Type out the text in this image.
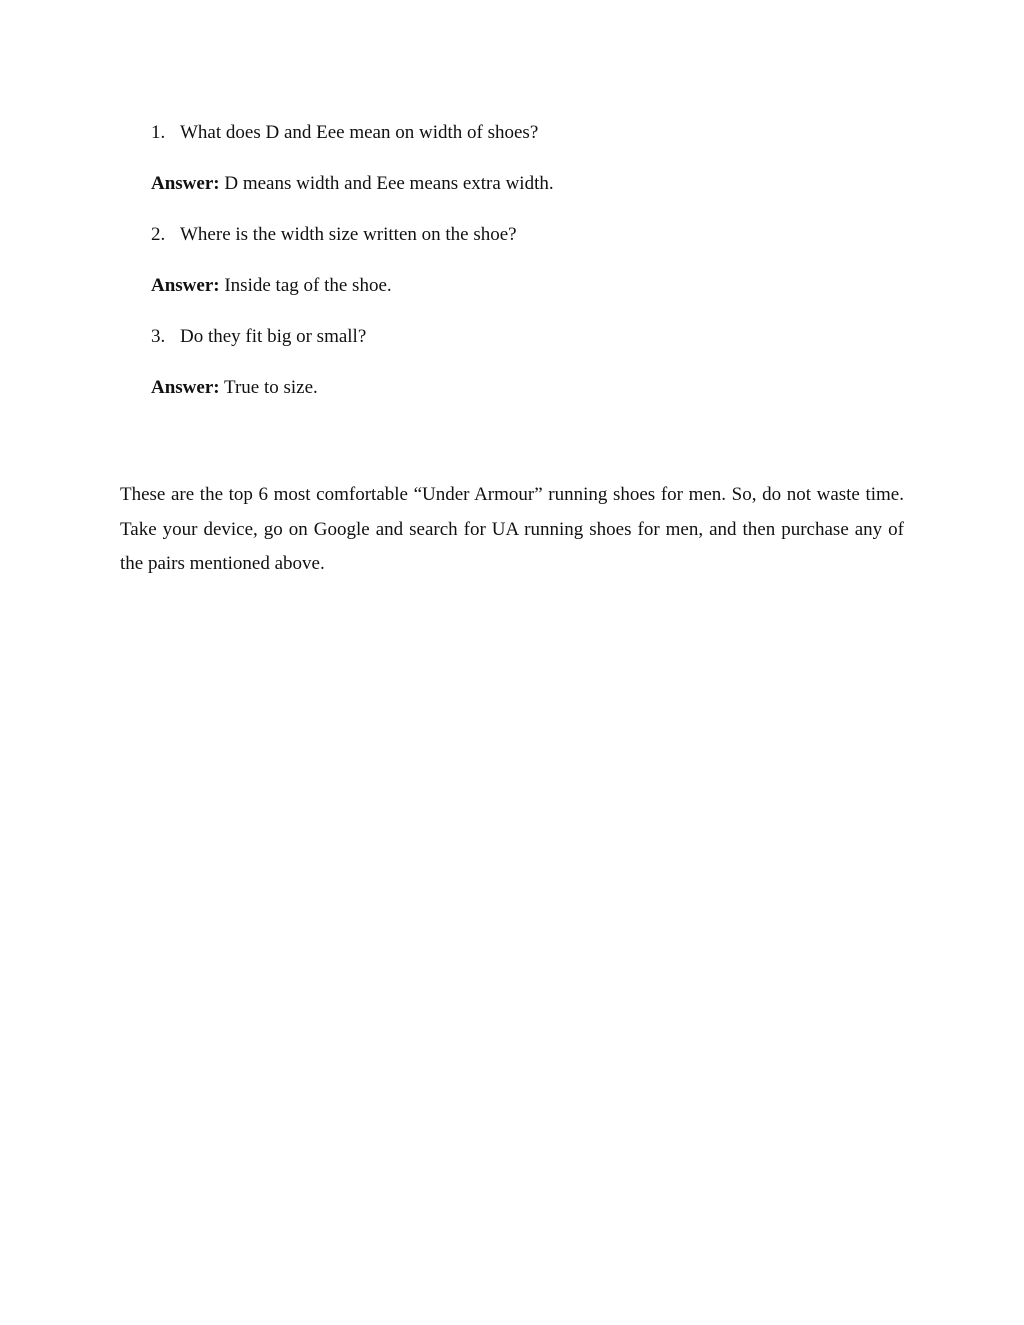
1. What does D and Eee mean on width of shoes?
Answer: D means width and Eee means extra width.
2. Where is the width size written on the shoe?
Answer: Inside tag of the shoe.
3. Do they fit big or small?
Answer: True to size.

These are the top 6 most comfortable “Under Armour” running shoes for men. So, do not waste time. Take your device, go on Google and search for UA running shoes for men, and then purchase any of the pairs mentioned above.
